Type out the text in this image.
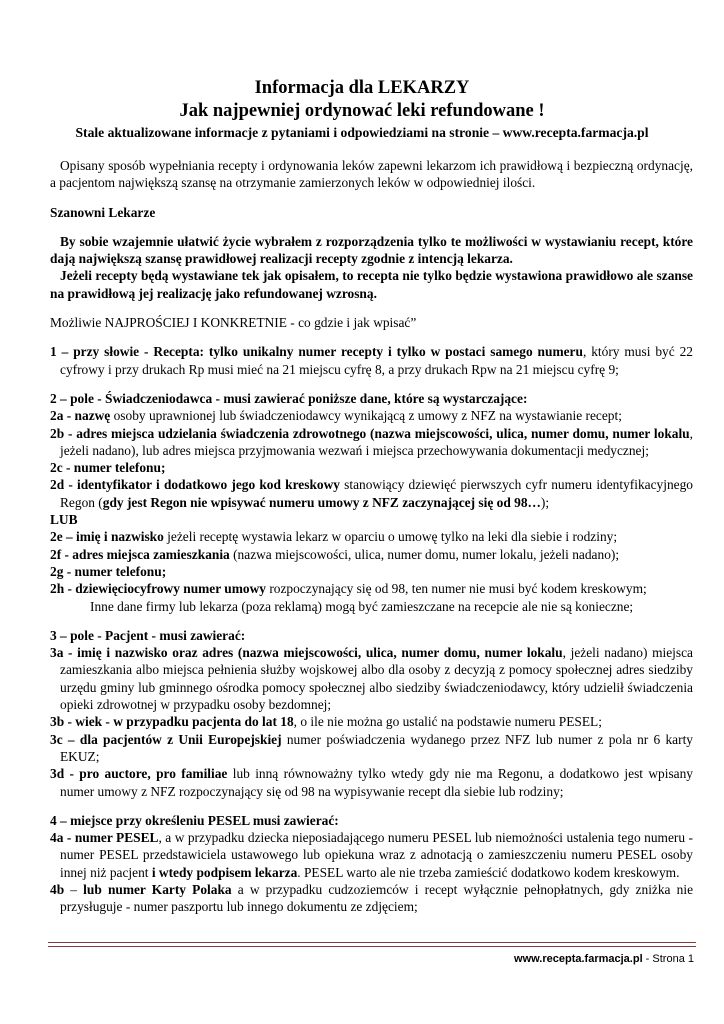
Informacja dla LEKARZY
Jak najpewniej ordynować leki refundowane !
Stale aktualizowane informacje z pytaniami i odpowiedziami na stronie – www.recepta.farmacja.pl

Opisany sposób wypełniania recepty i ordynowania leków zapewni lekarzom ich prawidłową i bezpieczną ordynację, a pacjentom największą szansę na otrzymanie zamierzonych leków w odpowiedniej ilości.

Szanowni Lekarze

By sobie wzajemnie ułatwić życie wybrałem z rozporządzenia tylko te możliwości w wystawianiu recept, które dają największą szansę prawidłowej realizacji recepty zgodnie z intencją lekarza.

Jeżeli recepty będą wystawiane tek jak opisałem, to recepta nie tylko będzie wystawiona prawidłowo ale szanse na prawidłową jej realizację jako refundowanej wzrosną.

Możliwie NAJPROŚCIEJ I KONKRETNIE - co gdzie i jak wpisać”

1 – przy słowie - Recepta: tylko unikalny numer recepty i tylko w postaci samego numeru, który musi być 22 cyfrowy i przy drukach Rp musi mieć na 21 miejscu cyfrę 8, a przy drukach Rpw na 21 miejscu cyfrę 9;

2 – pole - Świadczeniodawca - musi zawierać poniższe dane, które są wystarczające:

2a - nazwę osoby uprawnionej lub świadczeniodawcy wynikającą z umowy z NFZ na wystawianie recept;

2b - adres miejsca udzielania świadczenia zdrowotnego (nazwa miejscowości, ulica, numer domu, numer lokalu, jeżeli nadano), lub adres miejsca przyjmowania wezwań i miejsca przechowywania dokumentacji medycznej;

2c - numer telefonu;

2d - identyfikator i dodatkowo jego kod kreskowy stanowiący dziewięć pierwszych cyfr numeru identyfikacyjnego Regon (gdy jest Regon nie wpisywać numeru umowy z NFZ zaczynającej się od 98…);

LUB

2e – imię i nazwisko jeżeli receptę wystawia lekarz w oparciu o umowę tylko na leki dla siebie i rodziny;

2f - adres miejsca zamieszkania (nazwa miejscowości, ulica, numer domu, numer lokalu, jeżeli nadano);

2g - numer telefonu;

2h - dziewięciocyfrowy numer umowy rozpoczynający się od 98, ten numer nie musi być kodem kreskowym;

Inne dane firmy lub lekarza (poza reklamą) mogą być zamieszczane na recepcie ale nie są konieczne;

3 – pole - Pacjent - musi zawierać:

3a - imię i nazwisko oraz adres (nazwa miejscowości, ulica, numer domu, numer lokalu, jeżeli nadano) miejsca zamieszkania albo miejsca pełnienia służby wojskowej albo dla osoby z decyzją z pomocy społecznej adres siedziby urzędu gminy lub gminnego ośrodka pomocy społecznej albo siedziby świadczeniodawcy, który udzielił świadczenia opieki zdrowotnej w przypadku osoby bezdomnej;

3b - wiek - w przypadku pacjenta do lat 18, o ile nie można go ustalić na podstawie numeru PESEL;

3c – dla pacjentów z Unii Europejskiej numer poświadczenia wydanego przez NFZ lub numer z pola nr 6 karty EKUZ;

3d - pro auctore, pro familiae lub inną równoważny tylko wtedy gdy nie ma Regonu, a dodatkowo jest wpisany numer umowy z NFZ rozpoczynający się od 98 na wypisywanie recept dla siebie lub rodziny;

4 – miejsce przy określeniu PESEL musi zawierać:

4a - numer PESEL, a w przypadku dziecka nieposiadającego numeru PESEL lub niemożności ustalenia tego numeru - numer PESEL przedstawiciela ustawowego lub opiekuna wraz z adnotacją o zamieszczeniu numeru PESEL osoby innej niż pacjent i wtedy podpisem lekarza. PESEL warto ale nie trzeba zamieścić dodatkowo kodem kreskowym.

4b – lub numer Karty Polaka a w przypadku cudzoziemców i recept wyłącznie pełnopłatnych, gdy zniżka nie przysługuje - numer paszportu lub innego dokumentu ze zdjęciem;

www.recepta.farmacja.pl - Strona 1
